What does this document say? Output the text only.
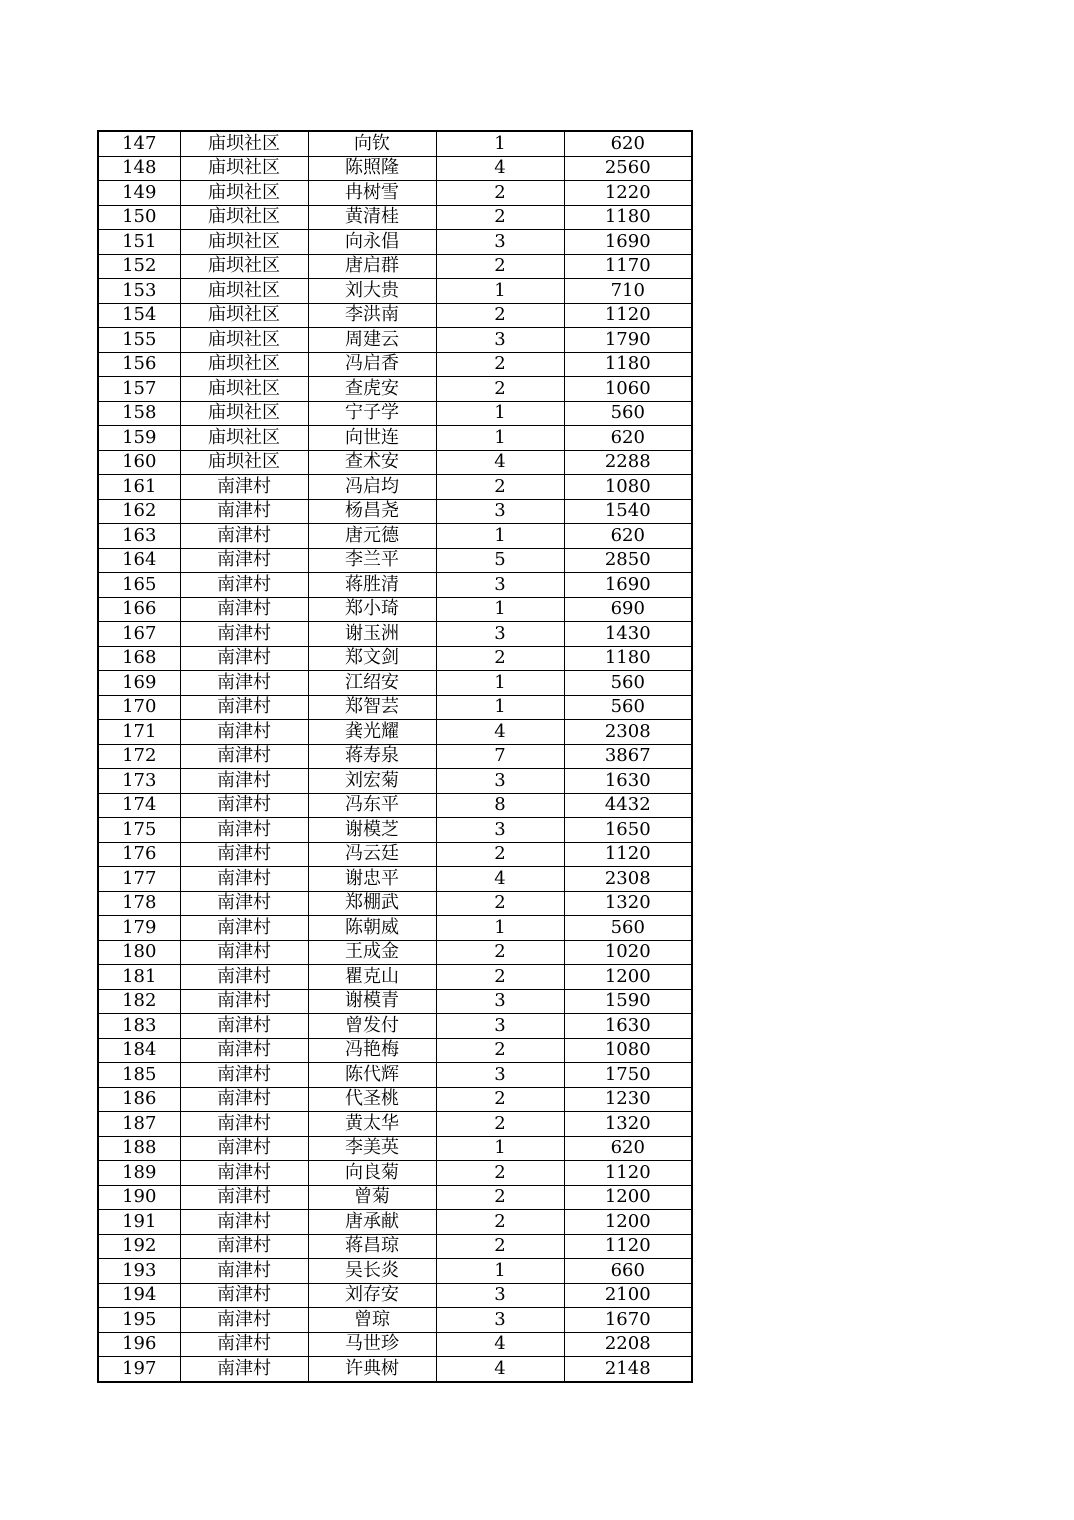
147	庙坝社区	向钦	1	620
148	庙坝社区	陈照隆	4	2560
149	庙坝社区	冉树雪	2	1220
150	庙坝社区	黄清桂	2	1180
151	庙坝社区	向永倡	3	1690
152	庙坝社区	唐启群	2	1170
153	庙坝社区	刘大贵	1	710
154	庙坝社区	李洪南	2	1120
155	庙坝社区	周建云	3	1790
156	庙坝社区	冯启香	2	1180
157	庙坝社区	查虎安	2	1060
158	庙坝社区	宁子学	1	560
159	庙坝社区	向世连	1	620
160	庙坝社区	查术安	4	2288
161	南津村	冯启均	2	1080
162	南津村	杨昌尧	3	1540
163	南津村	唐元德	1	620
164	南津村	李兰平	5	2850
165	南津村	蒋胜清	3	1690
166	南津村	郑小琦	1	690
167	南津村	谢玉洲	3	1430
168	南津村	郑文剑	2	1180
169	南津村	江绍安	1	560
170	南津村	郑智芸	1	560
171	南津村	龚光耀	4	2308
172	南津村	蒋寿泉	7	3867
173	南津村	刘宏菊	3	1630
174	南津村	冯东平	8	4432
175	南津村	谢模芝	3	1650
176	南津村	冯云廷	2	1120
177	南津村	谢忠平	4	2308
178	南津村	郑棚武	2	1320
179	南津村	陈朝威	1	560
180	南津村	王成金	2	1020
181	南津村	瞿克山	2	1200
182	南津村	谢模青	3	1590
183	南津村	曾发付	3	1630
184	南津村	冯艳梅	2	1080
185	南津村	陈代辉	3	1750
186	南津村	代圣桃	2	1230
187	南津村	黄太华	2	1320
188	南津村	李美英	1	620
189	南津村	向良菊	2	1120
190	南津村	曾菊	2	1200
191	南津村	唐承献	2	1200
192	南津村	蒋昌琼	2	1120
193	南津村	吴长炎	1	660
194	南津村	刘存安	3	2100
195	南津村	曾琼	3	1670
196	南津村	马世珍	4	2208
197	南津村	许典树	4	2148
